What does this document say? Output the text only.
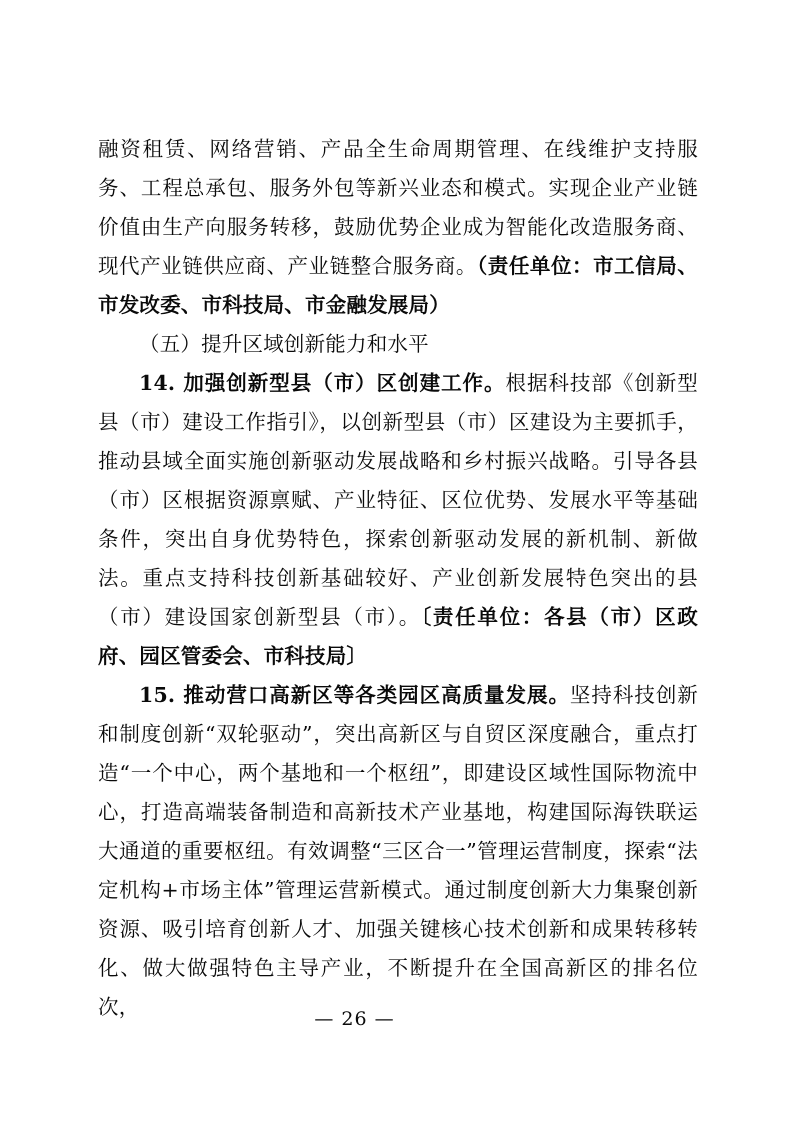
融资租赁、网络营销、产品全生命周期管理、在线维护支持服务、工程总承包、服务外包等新兴业态和模式。实现企业产业链价值由生产向服务转移，鼓励优势企业成为智能化改造服务商、现代产业链供应商、产业链整合服务商。（责任单位：市工信局、市发改委、市科技局、市金融发展局）

（五）提升区域创新能力和水平

14. 加强创新型县（市）区创建工作。根据科技部《创新型县（市）建设工作指引》，以创新型县（市）区建设为主要抓手，推动县域全面实施创新驱动发展战略和乡村振兴战略。引导各县（市）区根据资源禀赋、产业特征、区位优势、发展水平等基础条件，突出自身优势特色，探索创新驱动发展的新机制、新做法。重点支持科技创新基础较好、产业创新发展特色突出的县（市）建设国家创新型县（市）。〔责任单位：各县（市）区政府、园区管委会、市科技局〕

15. 推动营口高新区等各类园区高质量发展。坚持科技创新和制度创新“双轮驱动”，突出高新区与自贸区深度融合，重点打造“一个中心，两个基地和一个枢纽”，即建设区域性国际物流中心，打造高端装备制造和高新技术产业基地，构建国际海铁联运大通道的重要枢纽。有效调整“三区合一”管理运营制度，探索“法定机构+市场主体”管理运营新模式。通过制度创新大力集聚创新资源、吸引培育创新人才、加强关键核心技术创新和成果转移转化、做大做强特色主导产业，不断提升在全国高新区的排名位次，	— 26 —
